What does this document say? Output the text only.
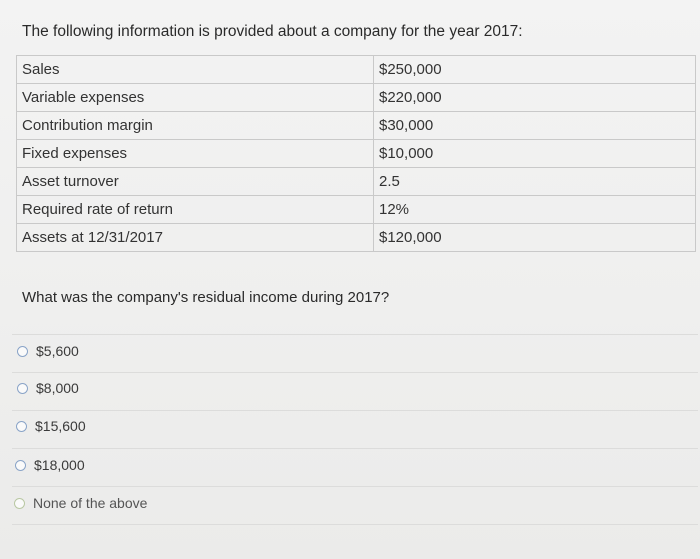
The following information is provided about a company for the year 2017:
Sales	$250,000
Variable expenses	$220,000
Contribution margin	$30,000
Fixed expenses	$10,000
Asset turnover	2.5
Required rate of return	12%
Assets at 12/31/2017	$120,000
What was the company's residual income during 2017?
$5,600
$8,000
$15,600
$18,000
None of the above
